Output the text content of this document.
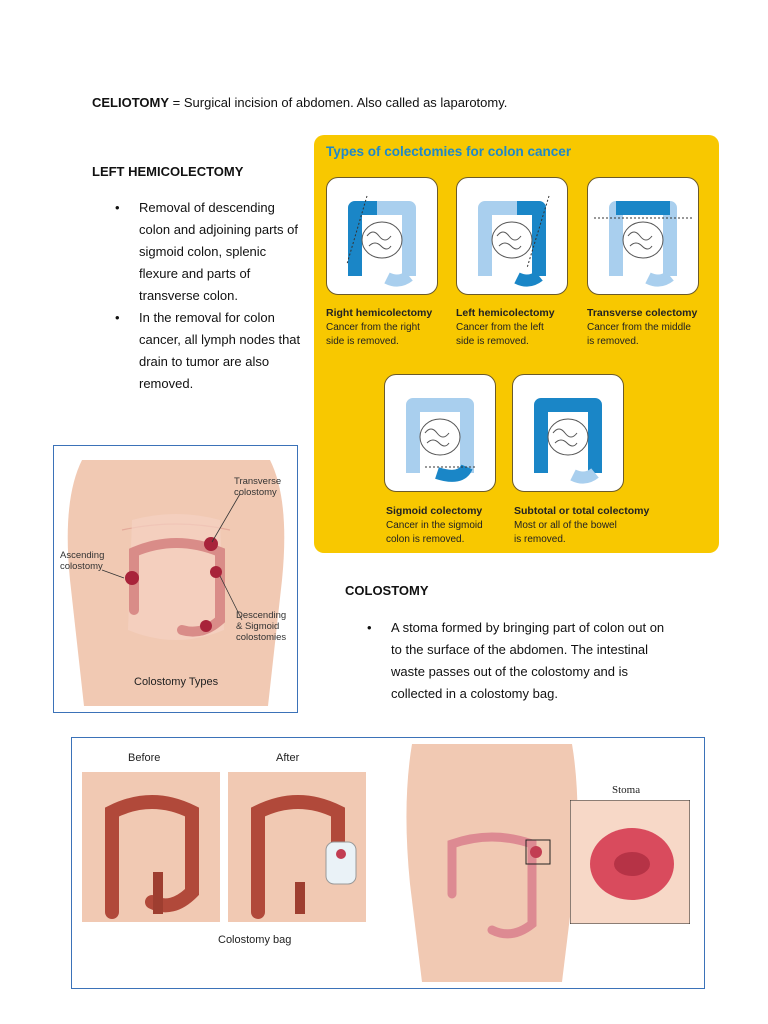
CELIOTOMY = Surgical incision of abdomen. Also called as laparotomy.
LEFT HEMICOLECTOMY
• Removal of descending colon and adjoining parts of sigmoid colon, splenic flexure and parts of transverse colon.
• In the removal for colon cancer, all lymph nodes that drain to tumor are also removed.
Types of colectomies for colon cancer
Right hemicolectomy
Cancer from the right
side is removed.
Left hemicolectomy
Cancer from the left
side is removed.
Transverse colectomy
Cancer from the middle
is removed.
Sigmoid colectomy
Cancer in the sigmoid
colon is removed.
Subtotal or total colectomy
Most or all of the bowel
is removed.
Transverse
colostomy
Ascending
colostomy
Descending
& Sigmoid
colostomies
Colostomy Types
COLOSTOMY
• A stoma formed by bringing part of colon out on to the surface of the abdomen. The intestinal waste passes out of the colostomy and is collected in a colostomy bag.
Before	After
Colostomy bag
Stoma
